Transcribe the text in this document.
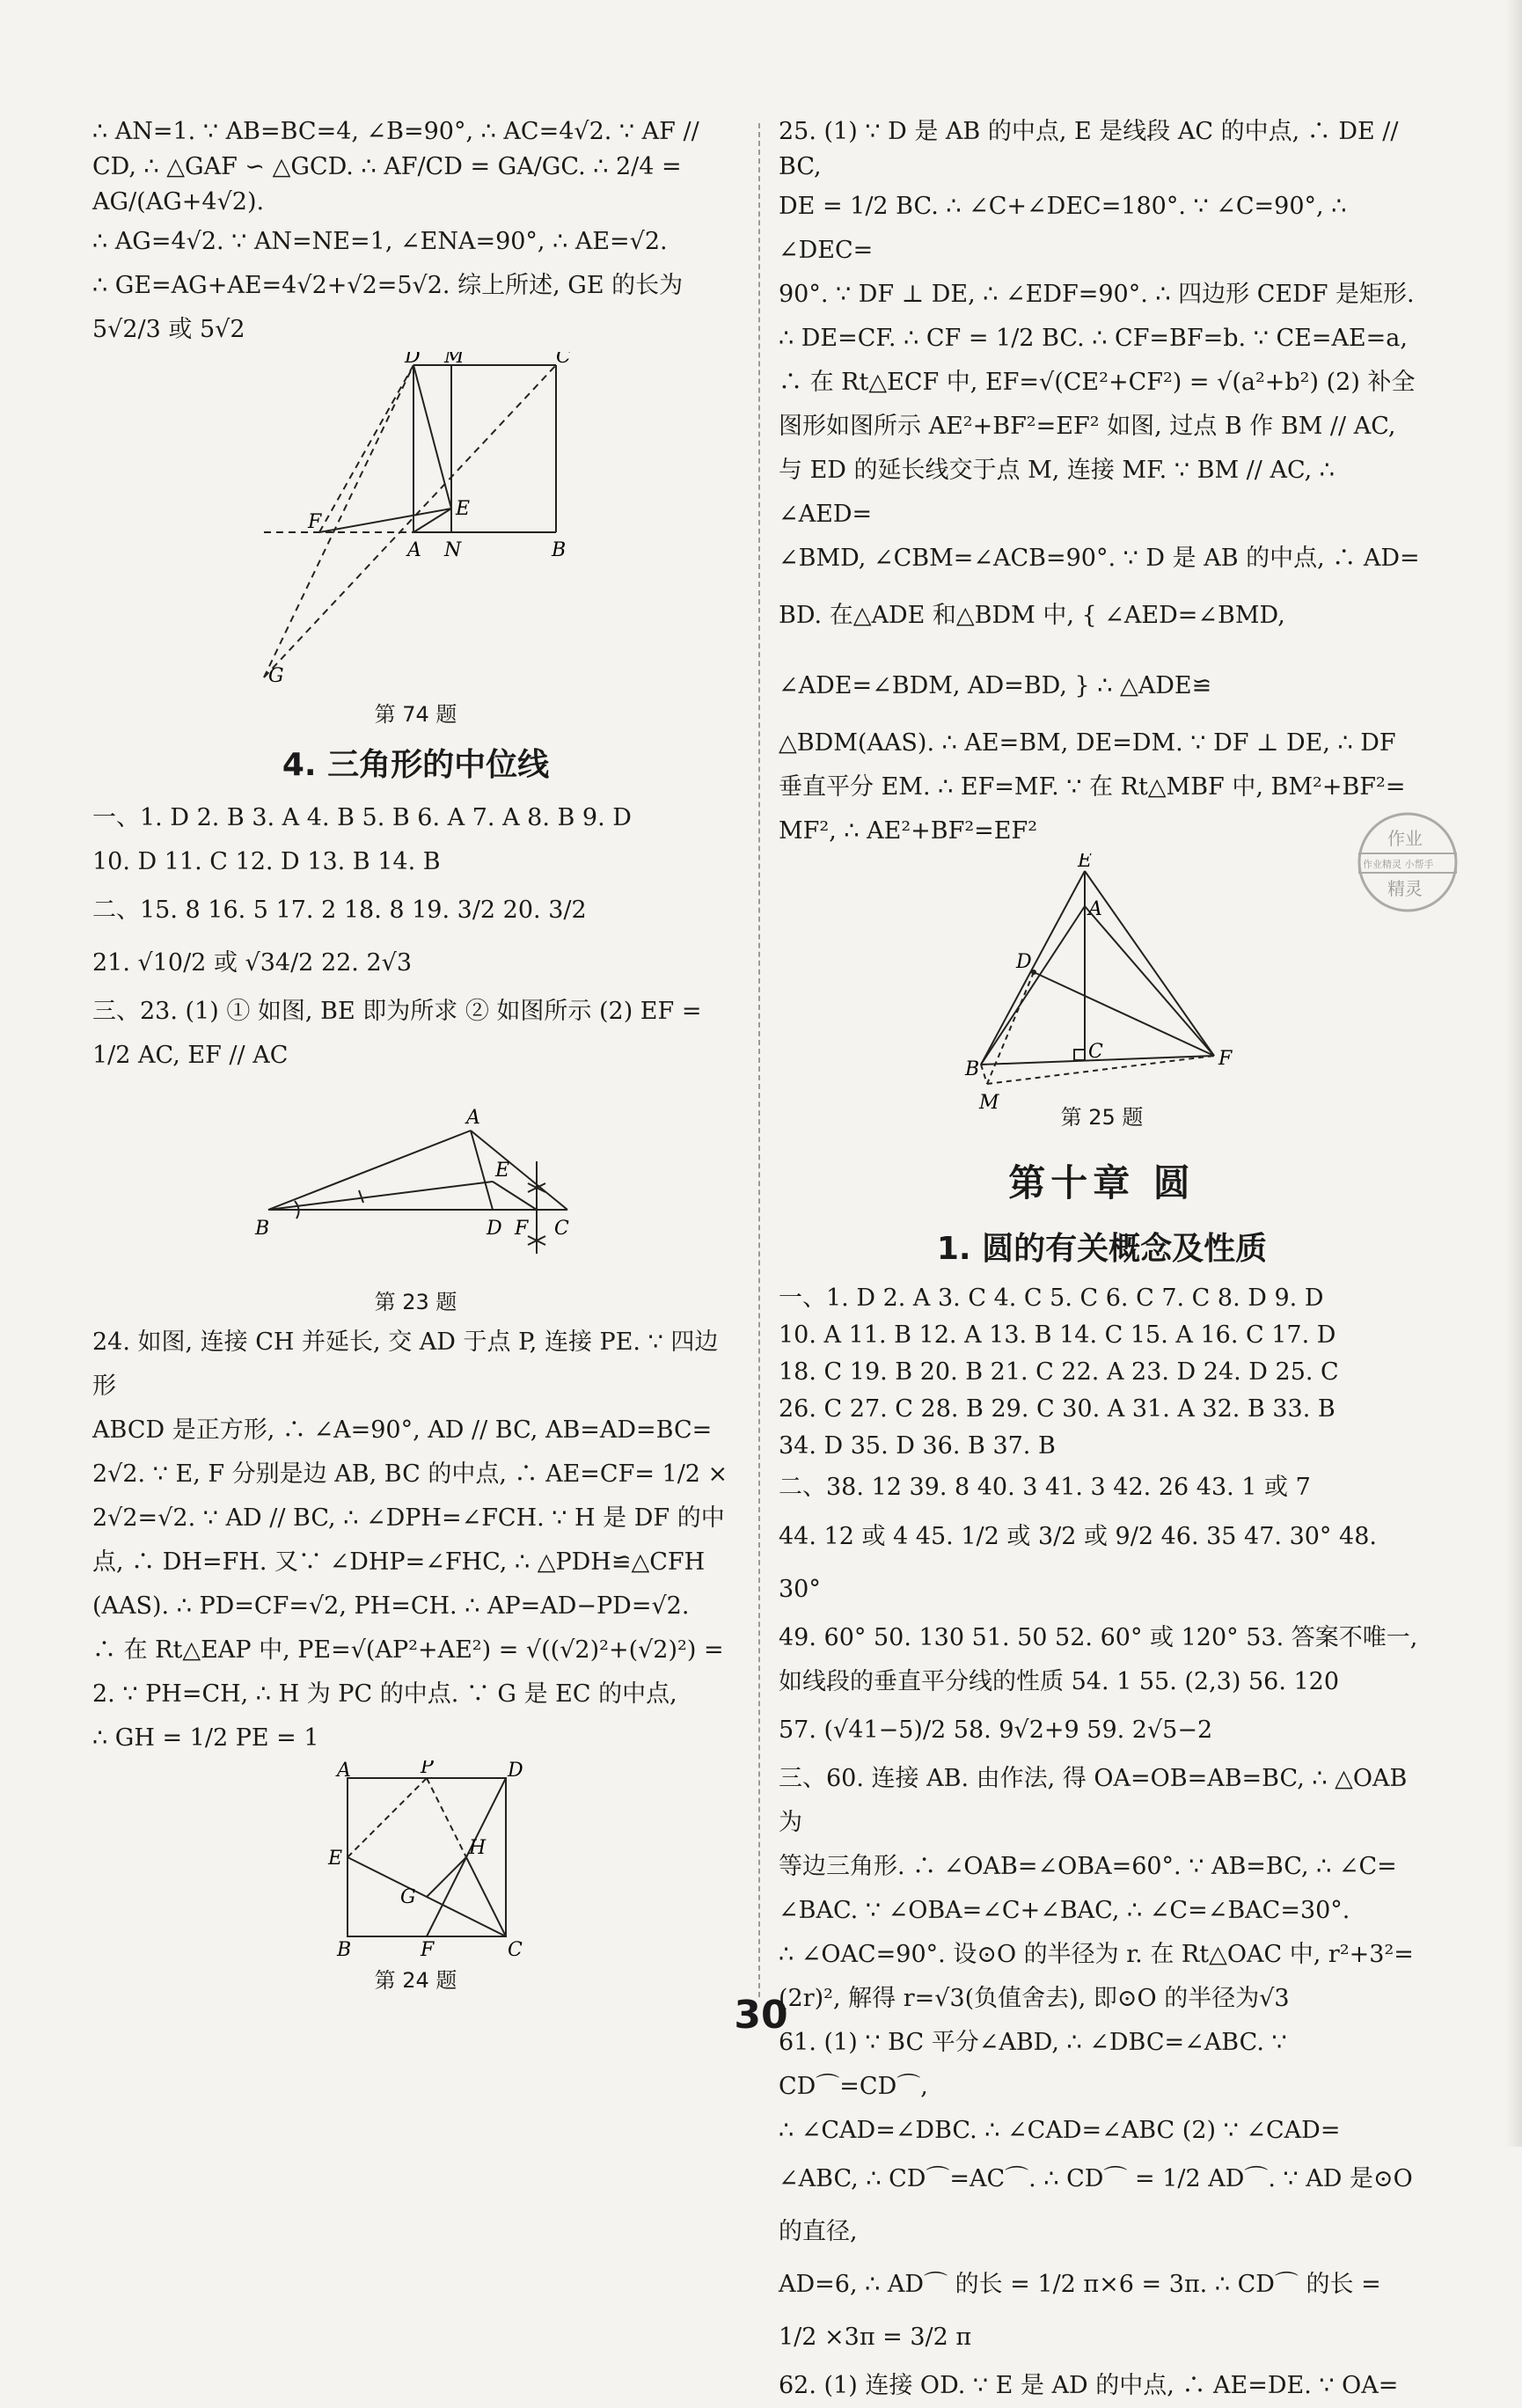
∴ AN=1. ∵ AB=BC=4, ∠B=90°, ∴ AC=4√2. ∵ AF // CD, ∴ △GAF ∽ △GCD. ∴ AF/CD = GA/GC. ∴ 2/4 = AG/(AG+4√2).

∴ AG=4√2. ∵ AN=NE=1, ∠ENA=90°, ∴ AE=√2.

∴ GE=AG+AE=4√2+√2=5√2. 综上所述, GE 的长为

5√2/3 或 5√2

D M	C
E
F
A N	B
G
第 74 题
4. 三角形的中位线

一、1. D 2. B 3. A 4. B 5. B 6. A 7. A 8. B 9. D

10. D 11. C 12. D 13. B 14. B

二、15. 8 16. 5 17. 2 18. 8 19. 3/2 20. 3/2

21. √10/2 或 √34/2 22. 2√3

三、23. (1) ① 如图, BE 即为所求 ② 如图所示 (2) EF = 1/2 AC, EF // AC

A
E
B	D F C
第 23 题

24. 如图, 连接 CH 并延长, 交 AD 于点 P, 连接 PE. ∵ 四边形

ABCD 是正方形, ∴ ∠A=90°, AD // BC, AB=AD=BC=

2√2. ∵ E, F 分别是边 AB, BC 的中点, ∴ AE=CF= 1/2 ×

2√2=√2. ∵ AD // BC, ∴ ∠DPH=∠FCH. ∵ H 是 DF 的中

点, ∴ DH=FH. 又∵ ∠DHP=∠FHC, ∴ △PDH≌△CFH

(AAS). ∴ PD=CF=√2, PH=CH. ∴ AP=AD−PD=√2.

∴ 在 Rt△EAP 中, PE=√(AP²+AE²) = √((√2)²+(√2)²) =

2. ∵ PH=CH, ∴ H 为 PC 的中点. ∵ G 是 EC 的中点,

∴ GH = 1/2 PE = 1

A	P	D
E	H
G
B	F	C
第 24 题

25. (1) ∵ D 是 AB 的中点, E 是线段 AC 的中点, ∴ DE // BC,

DE = 1/2 BC. ∴ ∠C+∠DEC=180°. ∵ ∠C=90°, ∴ ∠DEC=

90°. ∵ DF ⊥ DE, ∴ ∠EDF=90°. ∴ 四边形 CEDF 是矩形.

∴ DE=CF. ∴ CF = 1/2 BC. ∴ CF=BF=b. ∵ CE=AE=a,

∴ 在 Rt△ECF 中, EF=√(CE²+CF²) = √(a²+b²) (2) 补全

图形如图所示 AE²+BF²=EF² 如图, 过点 B 作 BM // AC,

与 ED 的延长线交于点 M, 连接 MF. ∵ BM // AC, ∴ ∠AED=

∠BMD, ∠CBM=∠ACB=90°. ∵ D 是 AB 的中点, ∴ AD=

BD. 在△ADE 和△BDM 中, { ∠AED=∠BMD, ∠ADE=∠BDM, AD=BD, } ∴ △ADE≌

△BDM(AAS). ∴ AE=BM, DE=DM. ∵ DF ⊥ DE, ∴ DF

垂直平分 EM. ∴ EF=MF. ∵ 在 Rt△MBF 中, BM²+BF²=

MF², ∴ AE²+BF²=EF²

E
A
D
C
B	F
M
第 25 题
第十章 圆
1. 圆的有关概念及性质

一、1. D 2. A 3. C 4. C 5. C 6. C 7. C 8. D 9. D

10. A 11. B 12. A 13. B 14. C 15. A 16. C 17. D

18. C 19. B 20. B 21. C 22. A 23. D 24. D 25. C

26. C 27. C 28. B 29. C 30. A 31. A 32. B 33. B

34. D 35. D 36. B 37. B

二、38. 12 39. 8 40. 3 41. 3 42. 26 43. 1 或 7

44. 12 或 4 45. 1/2 或 3/2 或 9/2 46. 35 47. 30° 48. 30°

49. 60° 50. 130 51. 50 52. 60° 或 120° 53. 答案不唯一,

如线段的垂直平分线的性质 54. 1 55. (2,3) 56. 120

57. (√41−5)/2 58. 9√2+9 59. 2√5−2

三、60. 连接 AB. 由作法, 得 OA=OB=AB=BC, ∴ △OAB 为

等边三角形. ∴ ∠OAB=∠OBA=60°. ∵ AB=BC, ∴ ∠C=

∠BAC. ∵ ∠OBA=∠C+∠BAC, ∴ ∠C=∠BAC=30°.

∴ ∠OAC=90°. 设⊙O 的半径为 r. 在 Rt△OAC 中, r²+3²=

(2r)², 解得 r=√3(负值舍去), 即⊙O 的半径为√3

61. (1) ∵ BC 平分∠ABD, ∴ ∠DBC=∠ABC. ∵ CD⌒=CD⌒,

∴ ∠CAD=∠DBC. ∴ ∠CAD=∠ABC (2) ∵ ∠CAD=

∠ABC, ∴ CD⌒=AC⌒. ∴ CD⌒ = 1/2 AD⌒. ∵ AD 是⊙O 的直径,

AD=6, ∴ AD⌒ 的长 = 1/2 π×6 = 3π. ∴ CD⌒ 的长 = 1/2 ×3π = 3/2 π

62. (1) 连接 OD. ∵ E 是 AD 的中点, ∴ AE=DE. ∵ OA=

作业
作业精灵 小帮手
精灵
30
